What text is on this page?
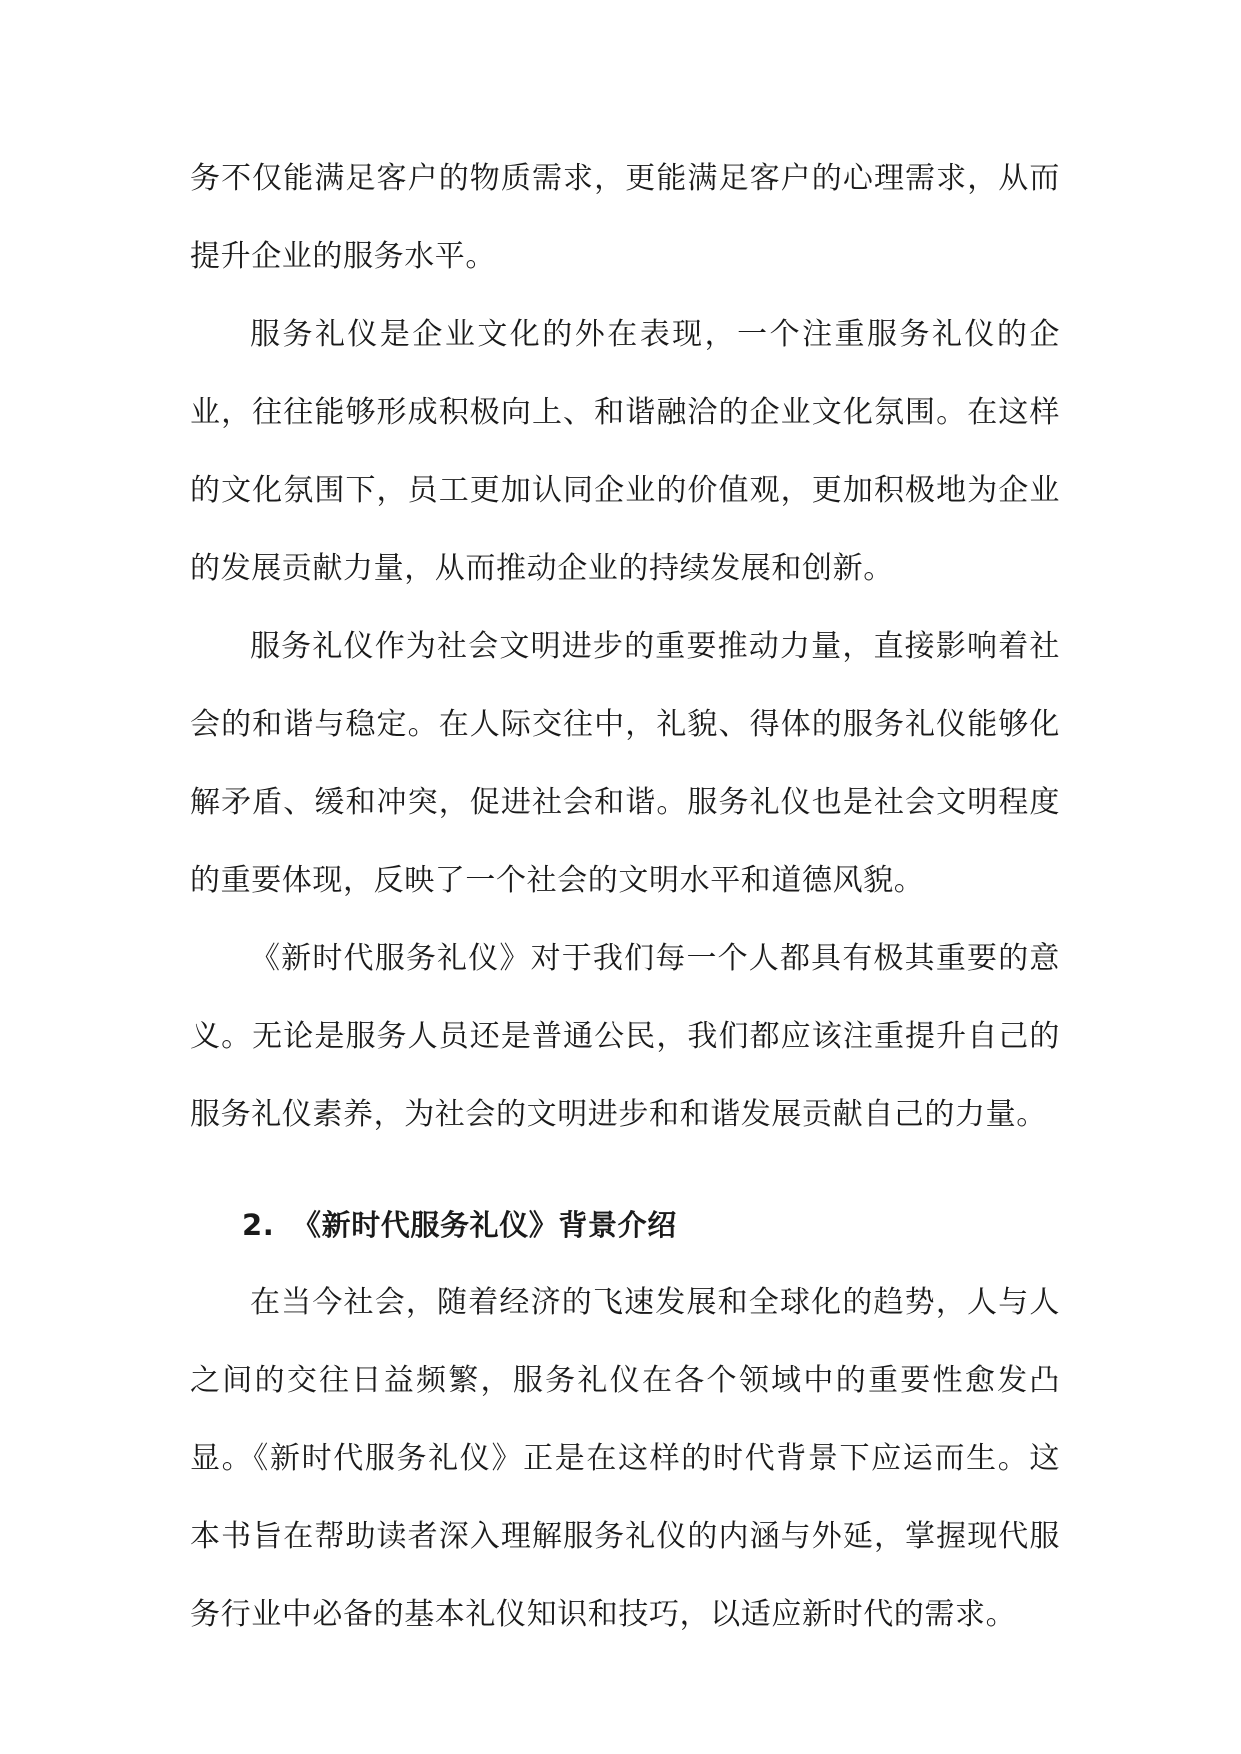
务不仅能满足客户的物质需求，更能满足客户的心理需求，从而提升企业的服务水平。

服务礼仪是企业文化的外在表现，一个注重服务礼仪的企业，往往能够形成积极向上、和谐融洽的企业文化氛围。在这样的文化氛围下，员工更加认同企业的价值观，更加积极地为企业的发展贡献力量，从而推动企业的持续发展和创新。

服务礼仪作为社会文明进步的重要推动力量，直接影响着社会的和谐与稳定。在人际交往中，礼貌、得体的服务礼仪能够化解矛盾、缓和冲突，促进社会和谐。服务礼仪也是社会文明程度的重要体现，反映了一个社会的文明水平和道德风貌。

《新时代服务礼仪》对于我们每一个人都具有极其重要的意义。无论是服务人员还是普通公民，我们都应该注重提升自己的服务礼仪素养，为社会的文明进步和和谐发展贡献自己的力量。

2. 《新时代服务礼仪》背景介绍

在当今社会，随着经济的飞速发展和全球化的趋势，人与人之间的交往日益频繁，服务礼仪在各个领域中的重要性愈发凸显。《新时代服务礼仪》正是在这样的时代背景下应运而生。这本书旨在帮助读者深入理解服务礼仪的内涵与外延，掌握现代服务行业中必备的基本礼仪知识和技巧，以适应新时代的需求。
